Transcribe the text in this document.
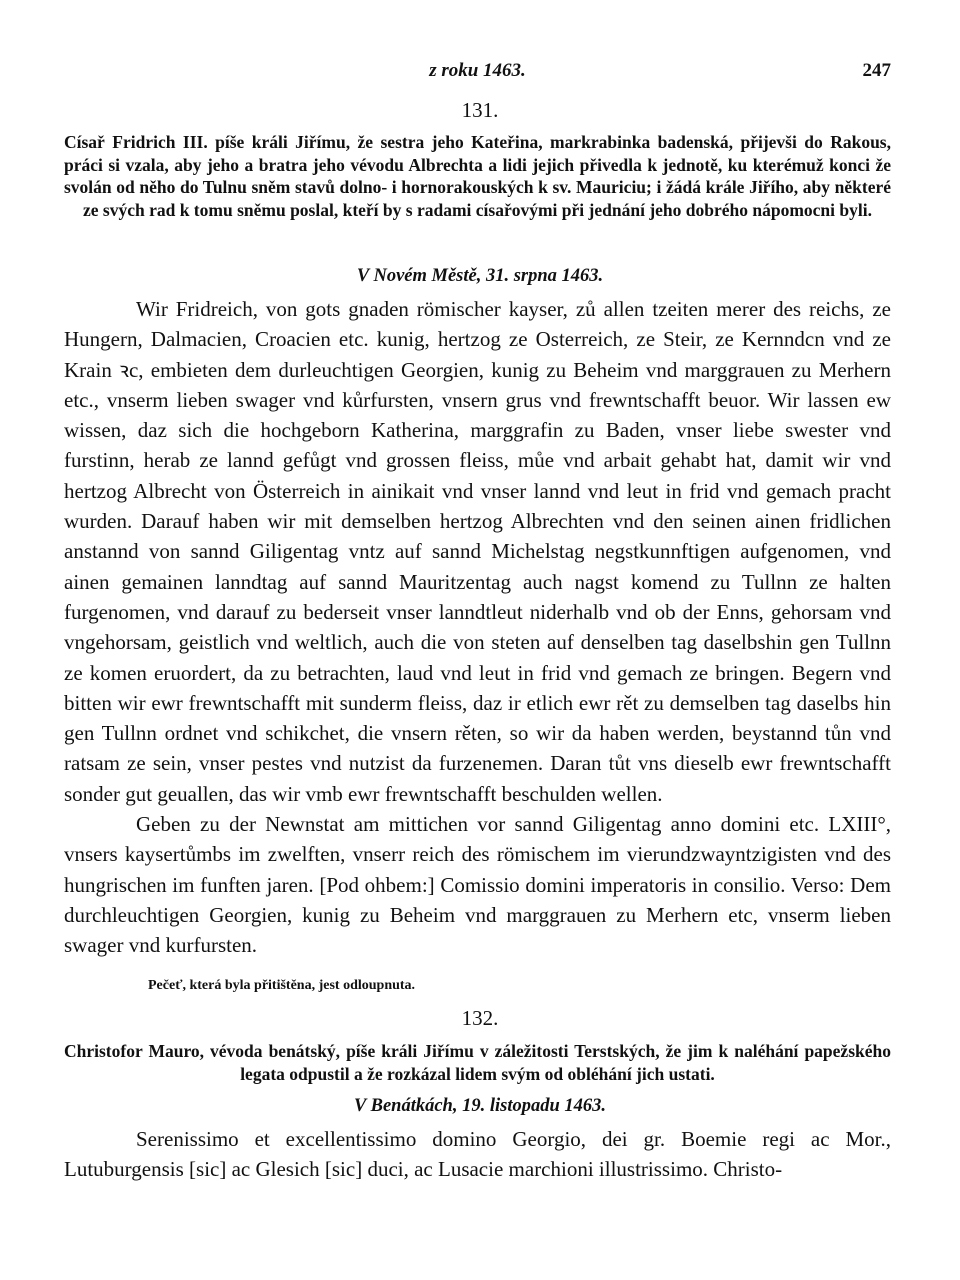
z roku 1463.	247
131.
Císař Fridrich III. píše králi Jiřímu, že sestra jeho Kateřina, markrabinka badenská, přijevši do Rakous, práci si vzala, aby jeho a bratra jeho vévodu Albrechta a lidi jejich přivedla k jednotě, ku kterémuž konci že svolán od něho do Tulnu sněm stavů dolno- i hornorakouských k sv. Mauriciu; i žádá krále Jiřího, aby některé ze svých rad k tomu sněmu poslal, kteří by s radami císařovými při jednání jeho dobrého nápomocni byli.
V Novém Městě, 31. srpna 1463.

Wir Fridreich, von gots gnaden römischer kayser, zů allen tzeiten merer des reichs, ze Hungern, Dalmacien, Croacien etc. kunig, hertzog ze Osterreich, ze Steir, ze Kernndcn vnd ze Krain ꝛc, embieten dem durleuchtigen Georgien, kunig zu Beheim vnd marggrauen zu Merhern etc., vnserm lieben swager vnd kůrfursten, vnsern grus vnd frewntschafft beuor. Wir lassen ew wissen, daz sich die hochgeborn Katherina, marggrafin zu Baden, vnser liebe swester vnd furstinn, herab ze lannd gefůgt vnd grossen fleiss, můe vnd arbait gehabt hat, damit wir vnd hertzog Albrecht von Österreich in ainikait vnd vnser lannd vnd leut in frid vnd gemach pracht wurden. Darauf haben wir mit demselben hertzog Albrechten vnd den seinen ainen fridlichen anstannd von sannd Giligentag vntz auf sannd Michelstag negstkunnftigen aufgenomen, vnd ainen gemainen lanndtag auf sannd Mauritzentag auch nagst komend zu Tullnn ze halten furgenomen, vnd darauf zu bederseit vnser lanndtleut niderhalb vnd ob der Enns, gehorsam vnd vngehorsam, geistlich vnd weltlich, auch die von steten auf denselben tag daselbshin gen Tullnn ze komen eruordert, da zu betrachten, laud vnd leut in frid vnd gemach ze bringen. Begern vnd bitten wir ewr frewntschafft mit sunderm fleiss, daz ir etlich ewr rět zu demselben tag daselbs hin gen Tullnn ordnet vnd schikchet, die vnsern rěten, so wir da haben werden, beystannd tůn vnd ratsam ze sein, vnser pestes vnd nutzist da furzenemen. Daran tůt vns dieselb ewr frewntschafft sonder gut geuallen, das wir vmb ewr frewntschafft beschulden wellen.

Geben zu der Newnstat am mittichen vor sannd Giligentag anno domini etc. LXIII°, vnsers kaysertůmbs im zwelften, vnserr reich des römischem im vierundzwayntzigisten vnd des hungrischen im funften jaren. [Pod ohbem:] Comissio domini imperatoris in consilio. Verso: Dem durchleuchtigen Georgien, kunig zu Beheim vnd marggrauen zu Merhern etc, vnserm lieben swager vnd kurfursten.

Pečeť, která byla přitištěna, jest odloupnuta.
132.
Christofor Mauro, vévoda benátský, píše králi Jiřímu v záležitosti Terstských, že jim k naléhání papežského legata odpustil a že rozkázal lidem svým od obléhání jich ustati.
V Benátkách, 19. listopadu 1463.

Serenissimo et excellentissimo domino Georgio, dei gr. Boemie regi ac Mor., Lutuburgensis [sic] ac Glesich [sic] duci, ac Lusacie marchioni illustrissimo. Christo-
